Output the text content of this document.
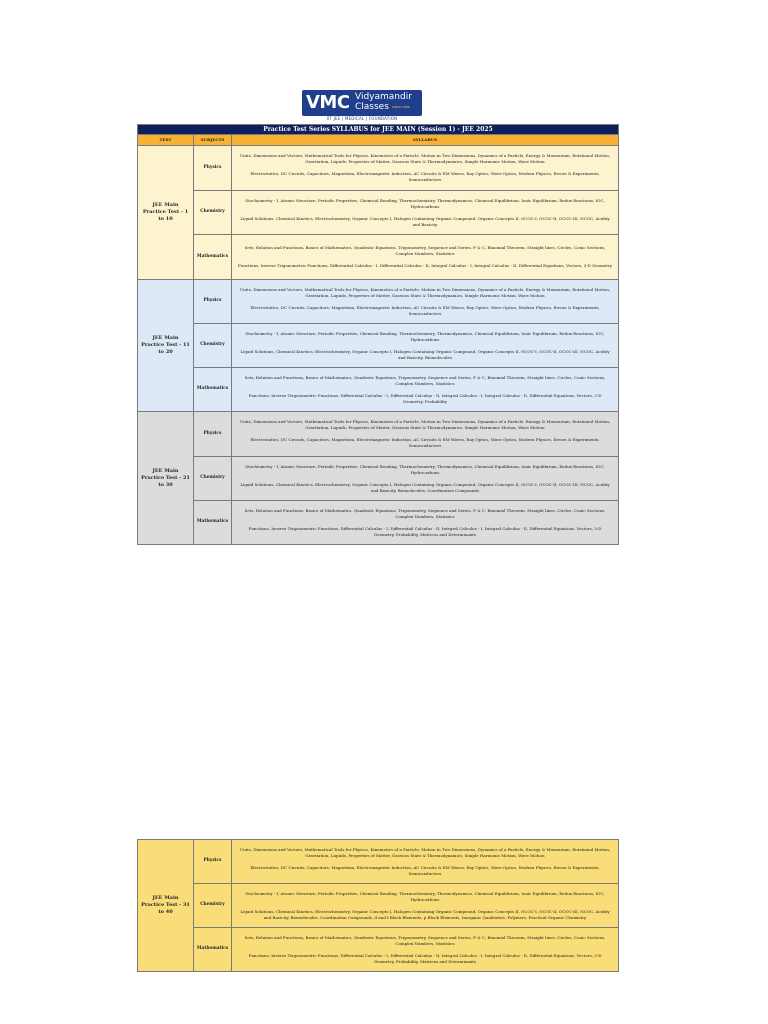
VMC Vidyamandir
Classes SINCE 1986
IIT JEE | MEDICAL | FOUNDATION
Practice Test Series SYLLABUS for JEE MAIN (Session 1) - JEE 2025		
TEST	SUBJECTS	SYLLABUS
JEE Main Practice Test - 1 to 10	Physics	Units, Dimensions and Vectors, Mathematical Tools for Physics, Kinematics of a Particle, Motion in Two Dimensions, Dynamics of a Particle, Energy & Momentum, Rotational Motion, Gravitation, Liquids, Properties of Matter, Gaseous State & Thermodynamics, Simple Harmonic Motion, Wave Motion

Electrostatics, DC Circuits, Capacitors, Magnetism, Electromagnetic Induction, AC Circuits & EM Waves, Ray Optics, Wave Optics, Modern Physics, Errors & Experiments, Semiconductors

	Chemistry	Stochiometry - I, Atomic Structure, Periodic Properties, Chemical Bonding, Thermochemistry, Thermodynamics, Chemical Equilibrium, Ionic Equilibrium, Redox Reactions, IOC, Hydrocarbons

Liquid Solutions, Chemical Kinetics, Electrochemistry, Organic Concepts I, Halogen Containing Organic Compound, Organic Concepts II, OCOC-I, OCOC-II, OCOC-III, NCOC, Acidity and Basicity

	Mathematics	Sets, Relation and Functions, Basics of Mathematics, Quadratic Equations, Trigonometry, Sequence and Series, P & C, Binomial Theorem, Straight lines, Circles, Conic Sections, Complex Numbers, Statistics

Functions, Inverse Trigonometric Functions, Differential Calculus - I, Differential Calculus - II, Integral Calculus - I, Integral Calculus - II, Differential Equations, Vectors, 3-D Geometry

JEE Main Practice Test - 11 to 20	Physics	Units, Dimensions and Vectors, Mathematical Tools for Physics, Kinematics of a Particle, Motion in Two Dimensions, Dynamics of a Particle, Energy & Momentum, Rotational Motion, Gravitation, Liquids, Properties of Matter, Gaseous State & Thermodynamics, Simple Harmonic Motion, Wave Motion

Electrostatics, DC Circuits, Capacitors, Magnetism, Electromagnetic Induction, AC Circuits & EM Waves, Ray Optics, Wave Optics, Modern Physics, Errors & Experiments, Semiconductors

	Chemistry	Stochiometry - I, Atomic Structure, Periodic Properties, Chemical Bonding, Thermochemistry, Thermodynamics, Chemical Equilibrium, Ionic Equilibrium, Redox Reactions, IOC, Hydrocarbons

Liquid Solutions, Chemical Kinetics, Electrochemistry, Organic Concepts I, Halogen Containing Organic Compound, Organic Concepts II, OCOC-I, OCOC-II, OCOC-III, NCOC, Acidity and Basicity, Biomolecules

	Mathematics	Sets, Relation and Functions, Basics of Mathematics, Quadratic Equations, Trigonometry, Sequence and Series, P & C, Binomial Theorem, Straight lines, Circles, Conic Sections, Complex Numbers, Statistics

Functions, Inverse Trigonometric Functions, Differential Calculus - I, Differential Calculus - II, Integral Calculus - I, Integral Calculus - II, Differential Equations, Vectors, 3-D Geometry, Probability

JEE Main Practice Test - 21 to 30	Physics	Units, Dimensions and Vectors, Mathematical Tools for Physics, Kinematics of a Particle, Motion in Two Dimensions, Dynamics of a Particle, Energy & Momentum, Rotational Motion, Gravitation, Liquids, Properties of Matter, Gaseous State & Thermodynamics, Simple Harmonic Motion, Wave Motion

Electrostatics, DC Circuits, Capacitors, Magnetism, Electromagnetic Induction, AC Circuits & EM Waves, Ray Optics, Wave Optics, Modern Physics, Errors & Experiments, Semiconductors

	Chemistry	Stochiometry - I, Atomic Structure, Periodic Properties, Chemical Bonding, Thermochemistry, Thermodynamics, Chemical Equilibrium, Ionic Equilibrium, Redox Reactions, IOC, Hydrocarbons

Liquid Solutions, Chemical Kinetics, Electrochemistry, Organic Concepts I, Halogen Containing Organic Compound, Organic Concepts II, OCOC-I, OCOC-II, OCOC-III, NCOC, Acidity and Basicity, Biomolecules, Coordination Compounds

	Mathematics	Sets, Relation and Functions, Basics of Mathematics, Quadratic Equations, Trigonometry, Sequence and Series, P & C, Binomial Theorem, Straight lines, Circles, Conic Sections, Complex Numbers, Statistics

Functions, Inverse Trigonometric Functions, Differential Calculus - I, Differential Calculus - II, Integral Calculus - I, Integral Calculus - II, Differential Equations, Vectors, 3-D Geometry, Probability, Matrices and Determinants

JEE Main Practice Test - 31 to 40	Physics	Units, Dimensions and Vectors, Mathematical Tools for Physics, Kinematics of a Particle, Motion in Two Dimensions, Dynamics of a Particle, Energy & Momentum, Rotational Motion, Gravitation, Liquids, Properties of Matter, Gaseous State & Thermodynamics, Simple Harmonic Motion, Wave Motion

Electrostatics, DC Circuits, Capacitors, Magnetism, Electromagnetic Induction, AC Circuits & EM Waves, Ray Optics, Wave Optics, Modern Physics, Errors & Experiments, Semiconductors

	Chemistry	Stochiometry - I, Atomic Structure, Periodic Properties, Chemical Bonding, Thermochemistry, Thermodynamics, Chemical Equilibrium, Ionic Equilibrium, Redox Reactions, IOC, Hydrocarbons

Liquid Solutions, Chemical Kinetics, Electrochemistry, Organic Concepts I, Halogen Containing Organic Compound, Organic Concepts II, OCOC-I, OCOC-II, OCOC-III, NCOC, Acidity and Basicity, Biomolecules, Coordination Compounds, d and f Block Elements, p Block Elements, Inorganic Qualitative, Polymers, Practical Organic Chemistry

	Mathematics	Sets, Relation and Functions, Basics of Mathematics, Quadratic Equations, Trigonometry, Sequence and Series, P & C, Binomial Theorem, Straight lines, Circles, Conic Sections, Complex Numbers, Statistics

Functions, Inverse Trigonometric Functions, Differential Calculus - I, Differential Calculus - II, Integral Calculus - I, Integral Calculus - II, Differential Equations, Vectors, 3-D Geometry, Probability, Matrices and Determinants
